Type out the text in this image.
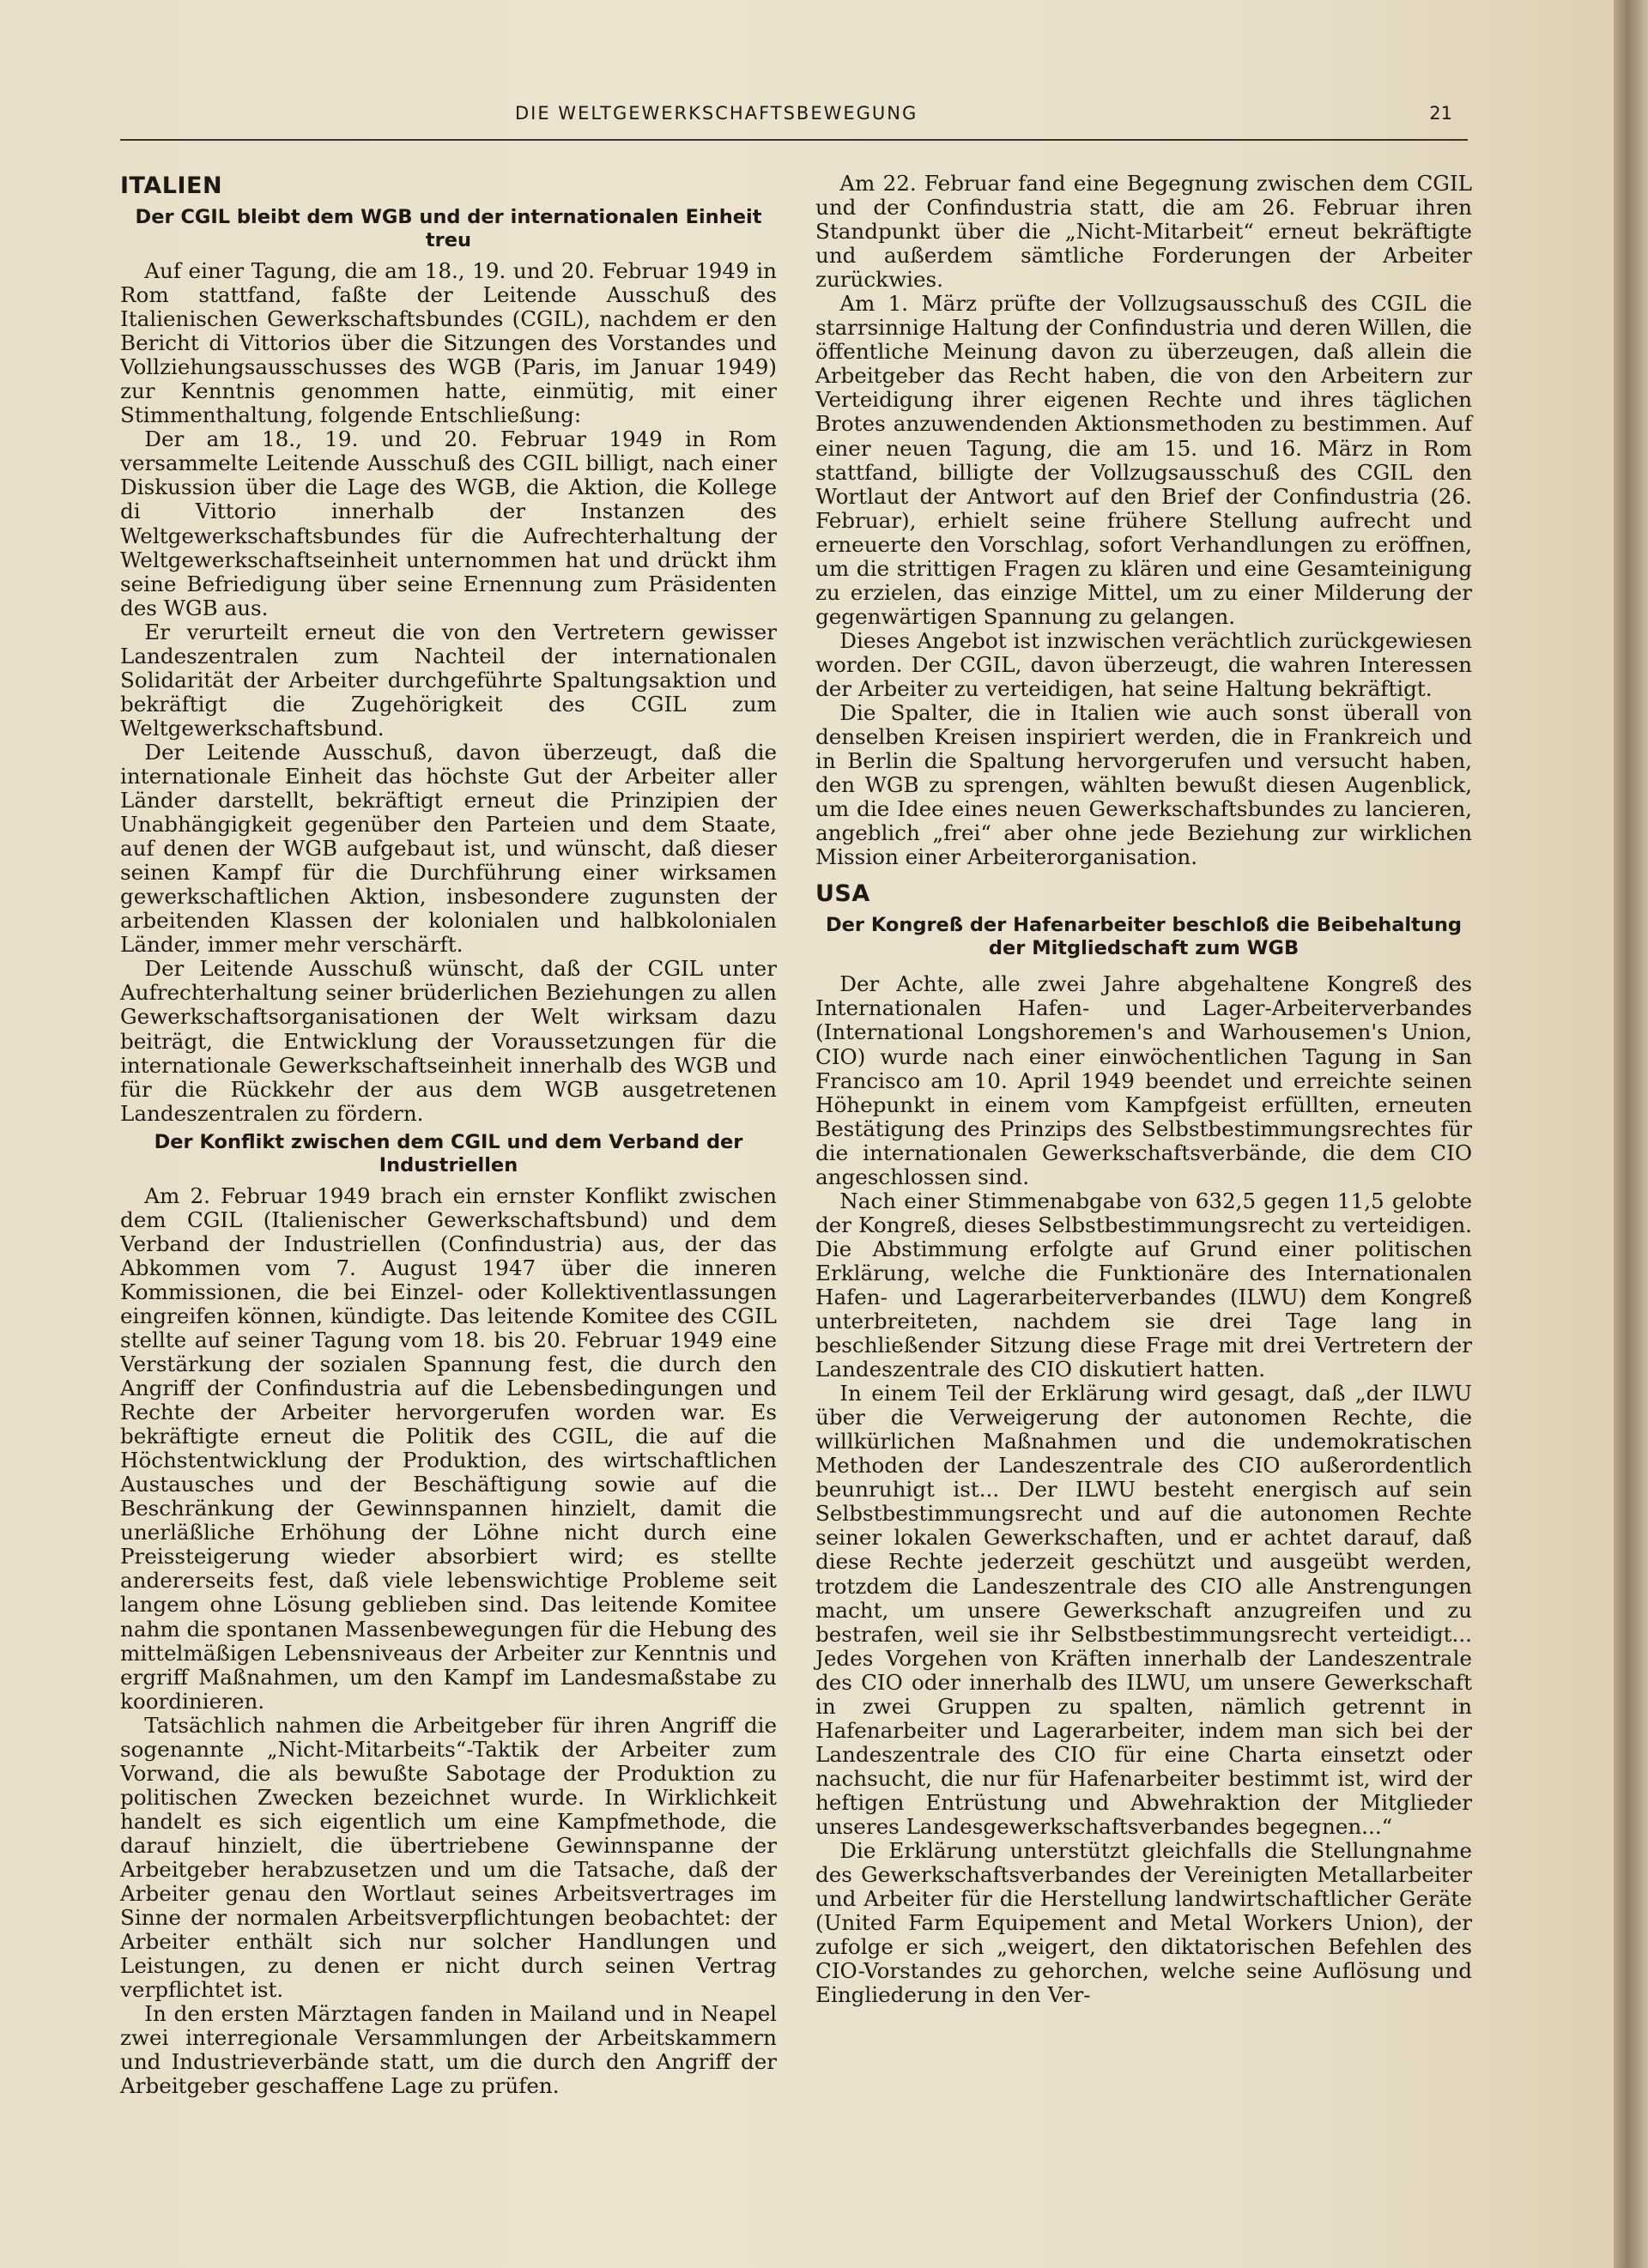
DIE WELTGEWERKSCHAFTSBEWEGUNG	21
ITALIEN
Der CGIL bleibt dem WGB und der internationalen Einheit treu

Auf einer Tagung, die am 18., 19. und 20. Februar 1949 in Rom stattfand, faßte der Leitende Ausschuß des Italienischen Gewerkschaftsbundes (CGIL), nachdem er den Bericht di Vittorios über die Sitzungen des Vorstandes und Vollziehungsausschusses des WGB (Paris, im Januar 1949) zur Kenntnis genommen hatte, einmütig, mit einer Stimmenthaltung, folgende Entschließung:

Der am 18., 19. und 20. Februar 1949 in Rom versammelte Leitende Ausschuß des CGIL billigt, nach einer Diskussion über die Lage des WGB, die Aktion, die Kollege di Vittorio innerhalb der Instanzen des Weltgewerkschaftsbundes für die Aufrechterhaltung der Weltgewerkschaftseinheit unternommen hat und drückt ihm seine Befriedigung über seine Ernennung zum Präsidenten des WGB aus.

Er verurteilt erneut die von den Vertretern gewisser Landeszentralen zum Nachteil der internationalen Solidarität der Arbeiter durchgeführte Spaltungsaktion und bekräftigt die Zugehörigkeit des CGIL zum Weltgewerkschaftsbund.

Der Leitende Ausschuß, davon überzeugt, daß die internationale Einheit das höchste Gut der Arbeiter aller Länder darstellt, bekräftigt erneut die Prinzipien der Unabhängigkeit gegenüber den Parteien und dem Staate, auf denen der WGB aufgebaut ist, und wünscht, daß dieser seinen Kampf für die Durchführung einer wirksamen gewerkschaftlichen Aktion, insbesondere zugunsten der arbeitenden Klassen der kolonialen und halbkolonialen Länder, immer mehr verschärft.

Der Leitende Ausschuß wünscht, daß der CGIL unter Aufrechterhaltung seiner brüderlichen Beziehungen zu allen Gewerkschaftsorganisationen der Welt wirksam dazu beiträgt, die Entwicklung der Voraussetzungen für die internationale Gewerkschaftseinheit innerhalb des WGB und für die Rückkehr der aus dem WGB ausgetretenen Landeszentralen zu fördern.

Der Konflikt zwischen dem CGIL und dem Verband der Industriellen

Am 2. Februar 1949 brach ein ernster Konflikt zwischen dem CGIL (Italienischer Gewerkschaftsbund) und dem Verband der Industriellen (Confindustria) aus, der das Abkommen vom 7. August 1947 über die inneren Kommissionen, die bei Einzel- oder Kollektiventlassungen eingreifen können, kündigte. Das leitende Komitee des CGIL stellte auf seiner Tagung vom 18. bis 20. Februar 1949 eine Verstärkung der sozialen Spannung fest, die durch den Angriff der Confindustria auf die Lebensbedingungen und Rechte der Arbeiter hervorgerufen worden war. Es bekräftigte erneut die Politik des CGIL, die auf die Höchstentwicklung der Produktion, des wirtschaftlichen Austausches und der Beschäftigung sowie auf die Beschränkung der Gewinnspannen hinzielt, damit die unerläßliche Erhöhung der Löhne nicht durch eine Preissteigerung wieder absorbiert wird; es stellte andererseits fest, daß viele lebenswichtige Probleme seit langem ohne Lösung geblieben sind. Das leitende Komitee nahm die spontanen Massenbewegungen für die Hebung des mittelmäßigen Lebensniveaus der Arbeiter zur Kenntnis und ergriff Maßnahmen, um den Kampf im Landesmaßstabe zu koordinieren.

Tatsächlich nahmen die Arbeitgeber für ihren Angriff die sogenannte „Nicht-Mitarbeits“-Taktik der Arbeiter zum Vorwand, die als bewußte Sabotage der Produktion zu politischen Zwecken bezeichnet wurde. In Wirklichkeit handelt es sich eigentlich um eine Kampfmethode, die darauf hinzielt, die übertriebene Gewinnspanne der Arbeitgeber herabzusetzen und um die Tatsache, daß der Arbeiter genau den Wortlaut seines Arbeitsvertrages im Sinne der normalen Arbeitsverpflichtungen beobachtet: der Arbeiter enthält sich nur solcher Handlungen und Leistungen, zu denen er nicht durch seinen Vertrag verpflichtet ist.

In den ersten Märztagen fanden in Mailand und in Neapel zwei interregionale Versammlungen der Arbeitskammern und Industrieverbände statt, um die durch den Angriff der Arbeitgeber geschaffene Lage zu prüfen.

Am 22. Februar fand eine Begegnung zwischen dem CGIL und der Confindustria statt, die am 26. Februar ihren Standpunkt über die „Nicht-Mitarbeit“ erneut bekräftigte und außerdem sämtliche Forderungen der Arbeiter zurückwies.

Am 1. März prüfte der Vollzugsausschuß des CGIL die starrsinnige Haltung der Confindustria und deren Willen, die öffentliche Meinung davon zu überzeugen, daß allein die Arbeitgeber das Recht haben, die von den Arbeitern zur Verteidigung ihrer eigenen Rechte und ihres täglichen Brotes anzuwendenden Aktionsmethoden zu bestimmen. Auf einer neuen Tagung, die am 15. und 16. März in Rom stattfand, billigte der Vollzugsausschuß des CGIL den Wortlaut der Antwort auf den Brief der Confindustria (26. Februar), erhielt seine frühere Stellung aufrecht und erneuerte den Vorschlag, sofort Verhandlungen zu eröffnen, um die strittigen Fragen zu klären und eine Gesamteinigung zu erzielen, das einzige Mittel, um zu einer Milderung der gegenwärtigen Spannung zu gelangen.

Dieses Angebot ist inzwischen verächtlich zurückgewiesen worden. Der CGIL, davon überzeugt, die wahren Interessen der Arbeiter zu verteidigen, hat seine Haltung bekräftigt.

Die Spalter, die in Italien wie auch sonst überall von denselben Kreisen inspiriert werden, die in Frankreich und in Berlin die Spaltung hervorgerufen und versucht haben, den WGB zu sprengen, wählten bewußt diesen Augenblick, um die Idee eines neuen Gewerkschaftsbundes zu lancieren, angeblich „frei“ aber ohne jede Beziehung zur wirklichen Mission einer Arbeiterorganisation.

USA
Der Kongreß der Hafenarbeiter beschloß die Beibehaltung der Mitgliedschaft zum WGB

Der Achte, alle zwei Jahre abgehaltene Kongreß des Internationalen Hafen- und Lager-Arbeiterverbandes (International Longshoremen's and Warhousemen's Union, CIO) wurde nach einer einwöchentlichen Tagung in San Francisco am 10. April 1949 beendet und erreichte seinen Höhepunkt in einem vom Kampfgeist erfüllten, erneuten Bestätigung des Prinzips des Selbstbestimmungsrechtes für die internationalen Gewerkschaftsverbände, die dem CIO angeschlossen sind.

Nach einer Stimmenabgabe von 632,5 gegen 11,5 gelobte der Kongreß, dieses Selbstbestimmungsrecht zu verteidigen. Die Abstimmung erfolgte auf Grund einer politischen Erklärung, welche die Funktionäre des Internationalen Hafen- und Lagerarbeiterverbandes (ILWU) dem Kongreß unterbreiteten, nachdem sie drei Tage lang in beschließender Sitzung diese Frage mit drei Vertretern der Landeszentrale des CIO diskutiert hatten.

In einem Teil der Erklärung wird gesagt, daß „der ILWU über die Verweigerung der autonomen Rechte, die willkürlichen Maßnahmen und die undemokratischen Methoden der Landeszentrale des CIO außerordentlich beunruhigt ist... Der ILWU besteht energisch auf sein Selbstbestimmungsrecht und auf die autonomen Rechte seiner lokalen Gewerkschaften, und er achtet darauf, daß diese Rechte jederzeit geschützt und ausgeübt werden, trotzdem die Landeszentrale des CIO alle Anstrengungen macht, um unsere Gewerkschaft anzugreifen und zu bestrafen, weil sie ihr Selbstbestimmungsrecht verteidigt... Jedes Vorgehen von Kräften innerhalb der Landeszentrale des CIO oder innerhalb des ILWU, um unsere Gewerkschaft in zwei Gruppen zu spalten, nämlich getrennt in Hafenarbeiter und Lagerarbeiter, indem man sich bei der Landeszentrale des CIO für eine Charta einsetzt oder nachsucht, die nur für Hafenarbeiter bestimmt ist, wird der heftigen Entrüstung und Abwehraktion der Mitglieder unseres Landesgewerkschaftsverbandes begegnen...“

Die Erklärung unterstützt gleichfalls die Stellungnahme des Gewerkschaftsverbandes der Vereinigten Metallarbeiter und Arbeiter für die Herstellung landwirtschaftlicher Geräte (United Farm Equipement and Metal Workers Union), der zufolge er sich „weigert, den diktatorischen Befehlen des CIO-Vorstandes zu gehorchen, welche seine Auflösung und Eingliederung in den Ver-
